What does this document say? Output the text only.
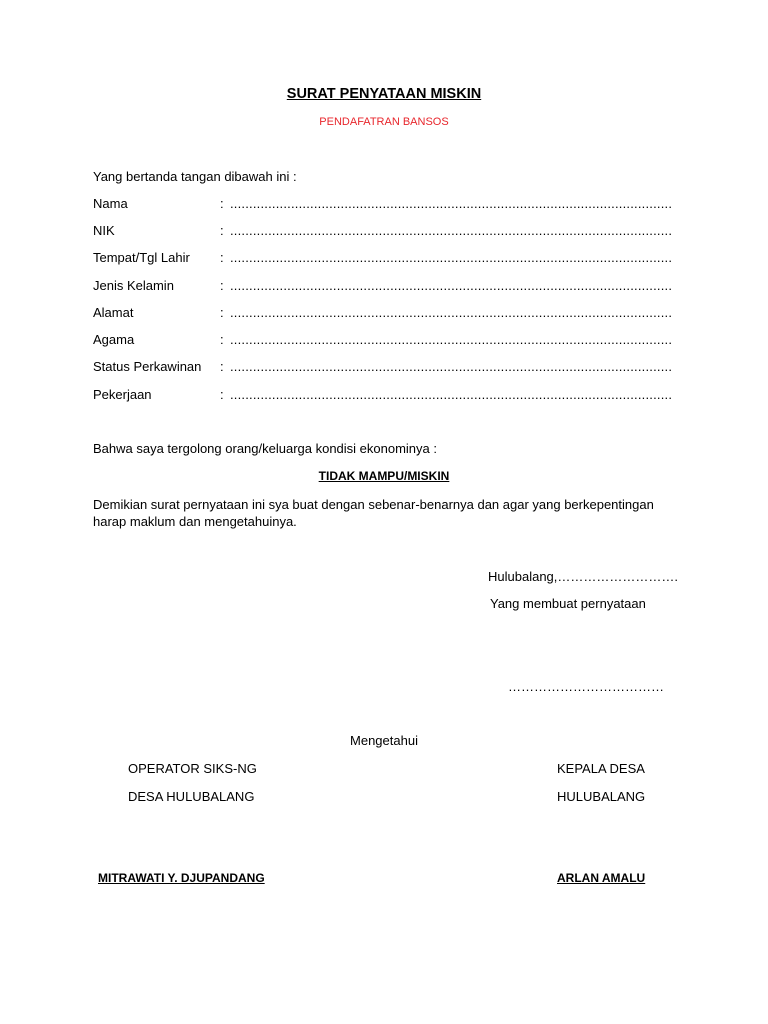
SURAT PENYATAAN MISKIN
PENDAFATRAN BANSOS
Yang bertanda tangan dibawah ini :
Nama	: ....................................................................................................................
NIK	: ....................................................................................................................
Tempat/Tgl Lahir : ....................................................................................................................
Jenis Kelamin	: ....................................................................................................................
Alamat	: ....................................................................................................................
Agama	: ....................................................................................................................
Status Perkawinan : ....................................................................................................................
Pekerjaan	: ....................................................................................................................
Bahwa saya tergolong orang/keluarga kondisi ekonominya :
TIDAK MAMPU/MISKIN
Demikian surat pernyataan ini sya buat dengan sebenar-benarnya dan agar yang berkepentingan harap maklum dan mengetahuinya.
Hulubalang,……………………….
Yang membuat pernyataan
………………………………
Mengetahui
OPERATOR SIKS-NG
DESA HULUBALANG
MITRAWATI Y. DJUPANDANG
KEPALA DESA
HULUBALANG
ARLAN AMALU
